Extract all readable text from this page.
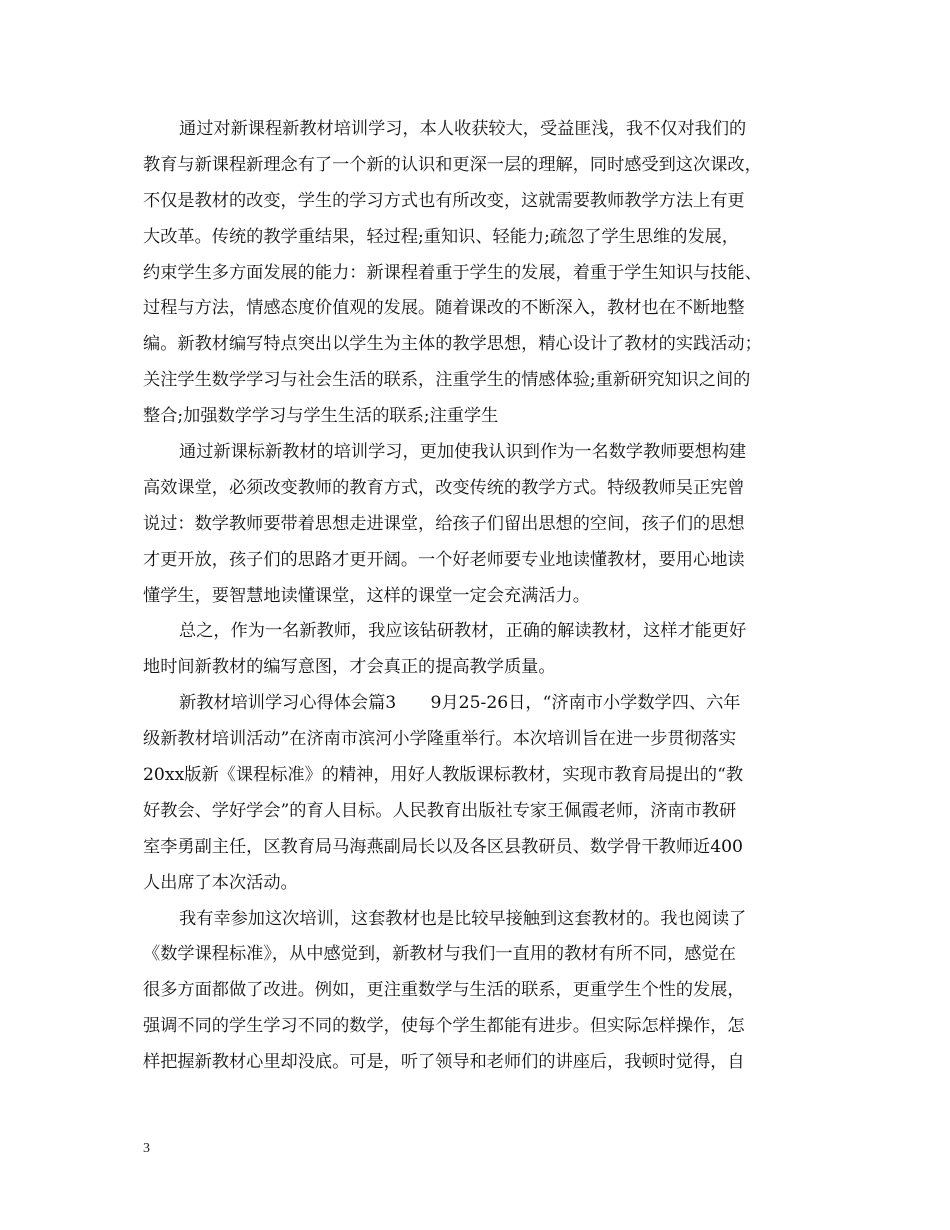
通过对新课程新教材培训学习，本人收获较大，受益匪浅，我不仅对我们的
教育与新课程新理念有了一个新的认识和更深一层的理解，同时感受到这次课改，
不仅是教材的改变，学生的学习方式也有所改变，这就需要教师教学方法上有更
大改革。传统的教学重结果，轻过程;重知识、轻能力;疏忽了学生思维的发展，
约束学生多方面发展的能力：新课程着重于学生的发展，着重于学生知识与技能、
过程与方法，情感态度价值观的发展。随着课改的不断深入，教材也在不断地整
编。新教材编写特点突出以学生为主体的教学思想，精心设计了教材的实践活动；
关注学生数学学习与社会生活的联系，注重学生的情感体验;重新研究知识之间的
整合;加强数学学习与学生生活的联系;注重学生
通过新课标新教材的培训学习，更加使我认识到作为一名数学教师要想构建
高效课堂，必须改变教师的教育方式，改变传统的教学方式。特级教师吴正宪曾
说过：数学教师要带着思想走进课堂，给孩子们留出思想的空间，孩子们的思想
才更开放，孩子们的思路才更开阔。一个好老师要专业地读懂教材，要用心地读
懂学生，要智慧地读懂课堂，这样的课堂一定会充满活力。
总之，作为一名新教师，我应该钻研教材，正确的解读教材，这样才能更好
地时间新教材的编写意图，才会真正的提高教学质量。
新教材培训学习心得体会篇3　　9月25-26日，“济南市小学数学四、六年
级新教材培训活动”在济南市滨河小学隆重举行。本次培训旨在进一步贯彻落实
20xx版新《课程标准》的精神，用好人教版课标教材，实现市教育局提出的“教
好教会、学好学会”的育人目标。人民教育出版社专家王佩霞老师，济南市教研
室李勇副主任，区教育局马海燕副局长以及各区县教研员、数学骨干教师近400
人出席了本次活动。
我有幸参加这次培训，这套教材也是比较早接触到这套教材的。我也阅读了
《数学课程标准》，从中感觉到，新教材与我们一直用的教材有所不同，感觉在
很多方面都做了改进。例如，更注重数学与生活的联系，更重学生个性的发展，
强调不同的学生学习不同的数学，使每个学生都能有进步。但实际怎样操作，怎
样把握新教材心里却没底。可是，听了领导和老师们的讲座后，我顿时觉得，自
3
